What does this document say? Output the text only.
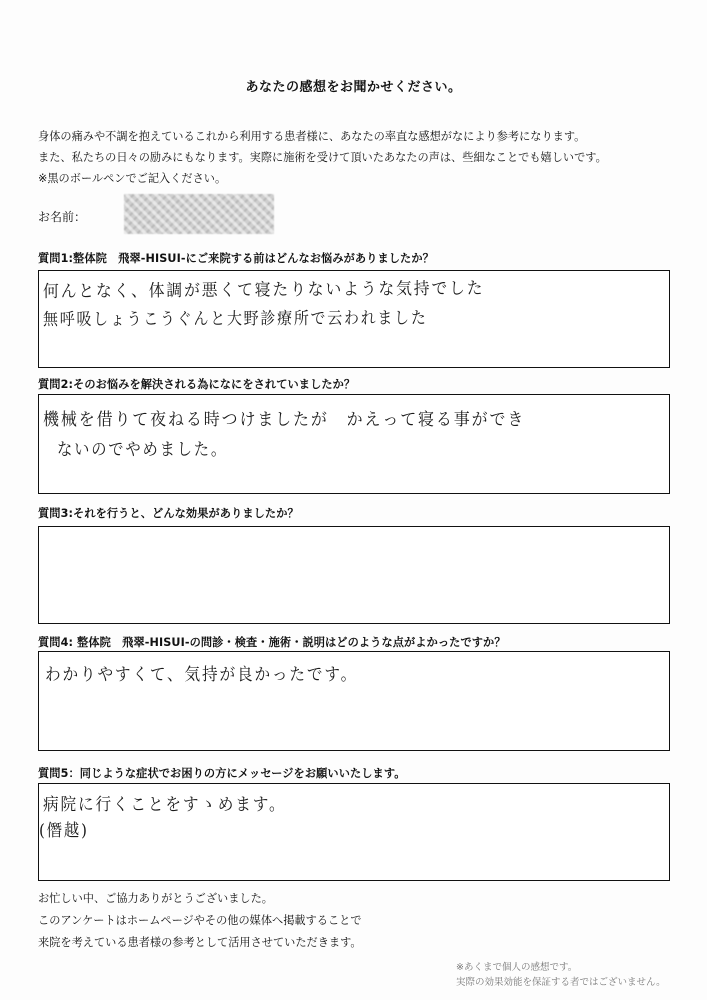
あなたの感想をお聞かせください。
身体の痛みや不調を抱えているこれから利用する患者様に、あなたの率直な感想がなにより参考になります。
また、私たちの日々の励みにもなります。実際に施術を受けて頂いたあなたの声は、些細なことでも嬉しいです。
※黒のボールペンでご記入ください。
お名前：
質問1:整体院　飛翠-HISUI-にご来院する前はどんなお悩みがありましたか？
何んとなく、体調が悪くて寝たりないような気持でした
無呼吸しょうこうぐんと大野診療所で云われました
質問2:そのお悩みを解決される為になにをされていましたか？
機械を借りて夜ねる時つけましたが　かえって寝る事ができ
ないのでやめました。
質問3:それを行うと、どんな効果がありましたか？
質問4: 整体院　飛翠-HISUI-の問診・検査・施術・説明はどのような点がよかったですか？
わかりやすくて、気持が良かったです。
質問5：同じような症状でお困りの方にメッセージをお願いいたします。
病院に行くことをすゝめます。
(僭越)
お忙しい中、ご協力ありがとうございました。
このアンケートはホームページやその他の媒体へ掲載することで
来院を考えている患者様の参考として活用させていただきます。
※あくまで個人の感想です。
実際の効果効能を保証する者ではございません。
